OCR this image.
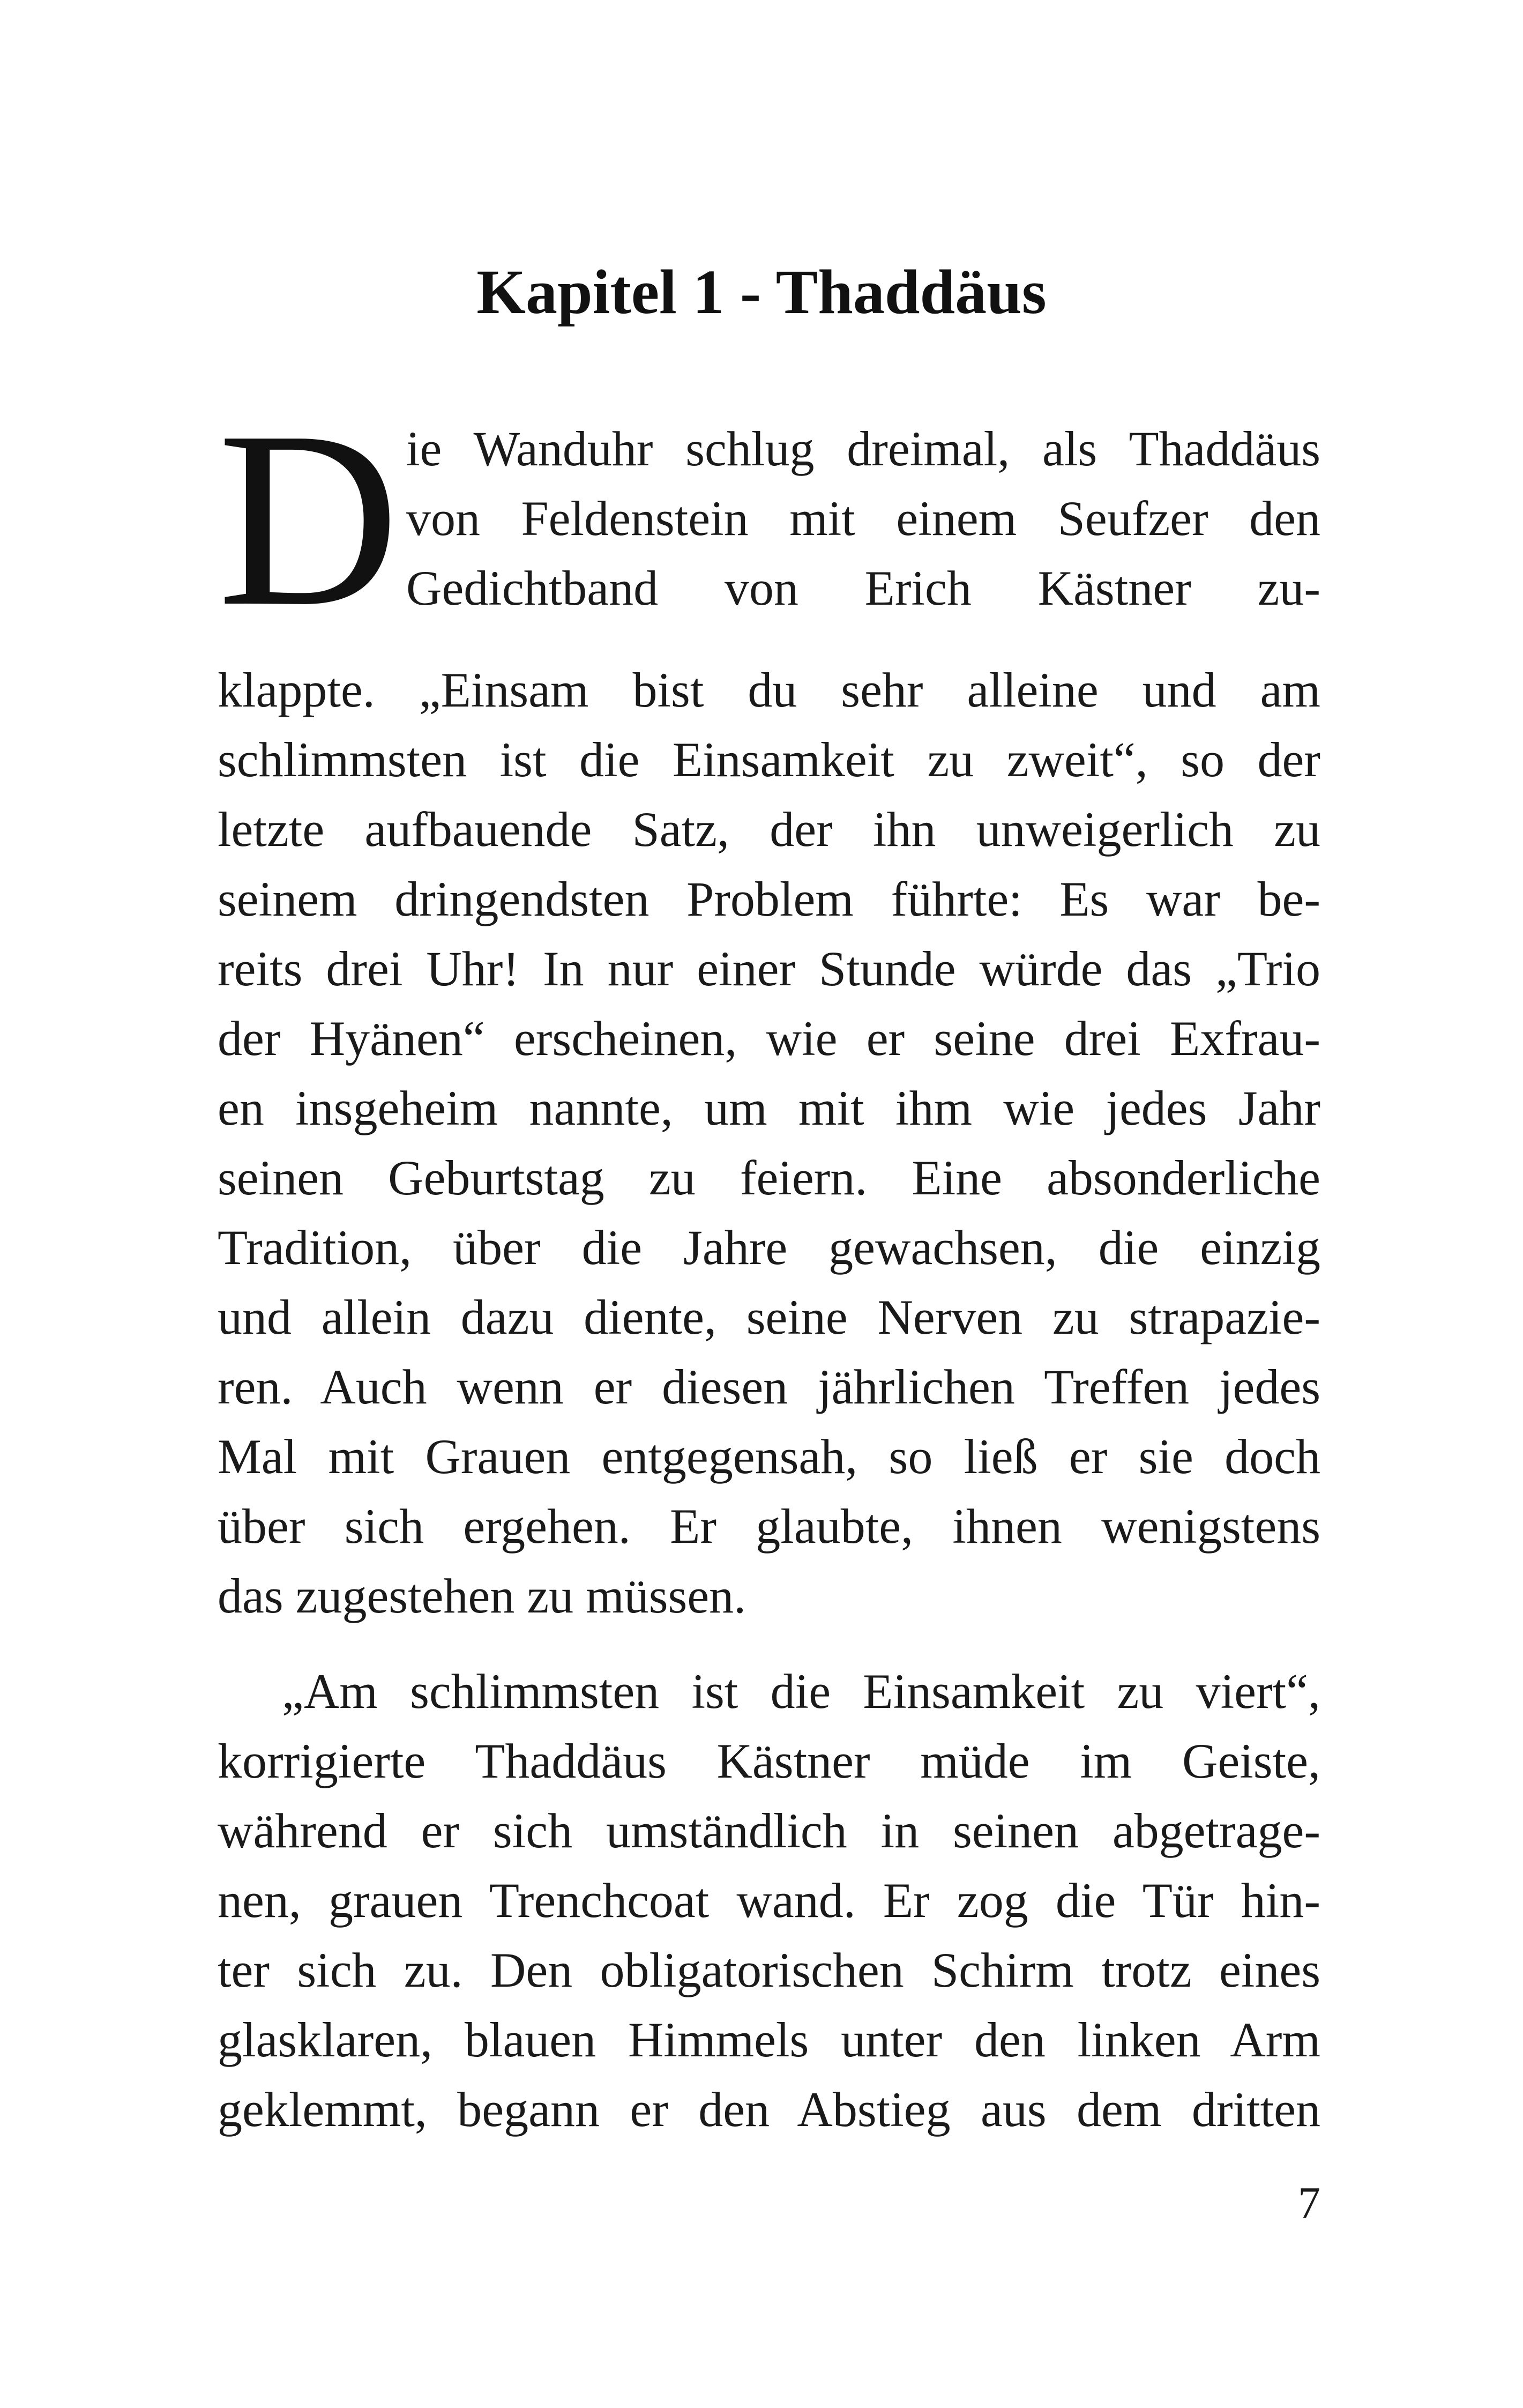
Kapitel 1 - Thaddäus
D ie Wanduhr schlug dreimal, als Thaddäus
von Feldenstein mit einem Seufzer den
Gedichtband von Erich Kästner zu-
klappte. „Einsam bist du sehr alleine und am
schlimmsten ist die Einsamkeit zu zweit“, so der
letzte aufbauende Satz, der ihn unweigerlich zu
seinem dringendsten Problem führte: Es war be-
reits drei Uhr! In nur einer Stunde würde das „Trio
der Hyänen“ erscheinen, wie er seine drei Exfrau-
en insgeheim nannte, um mit ihm wie jedes Jahr
seinen Geburtstag zu feiern. Eine absonderliche
Tradition, über die Jahre gewachsen, die einzig
und allein dazu diente, seine Nerven zu strapazie-
ren. Auch wenn er diesen jährlichen Treffen jedes
Mal mit Grauen entgegensah, so ließ er sie doch
über sich ergehen. Er glaubte, ihnen wenigstens
das zugestehen zu müssen.
„Am schlimmsten ist die Einsamkeit zu viert“,
korrigierte Thaddäus Kästner müde im Geiste,
während er sich umständlich in seinen abgetrage-
nen, grauen Trenchcoat wand. Er zog die Tür hin-
ter sich zu. Den obligatorischen Schirm trotz eines
glasklaren, blauen Himmels unter den linken Arm
geklemmt, begann er den Abstieg aus dem dritten
7
